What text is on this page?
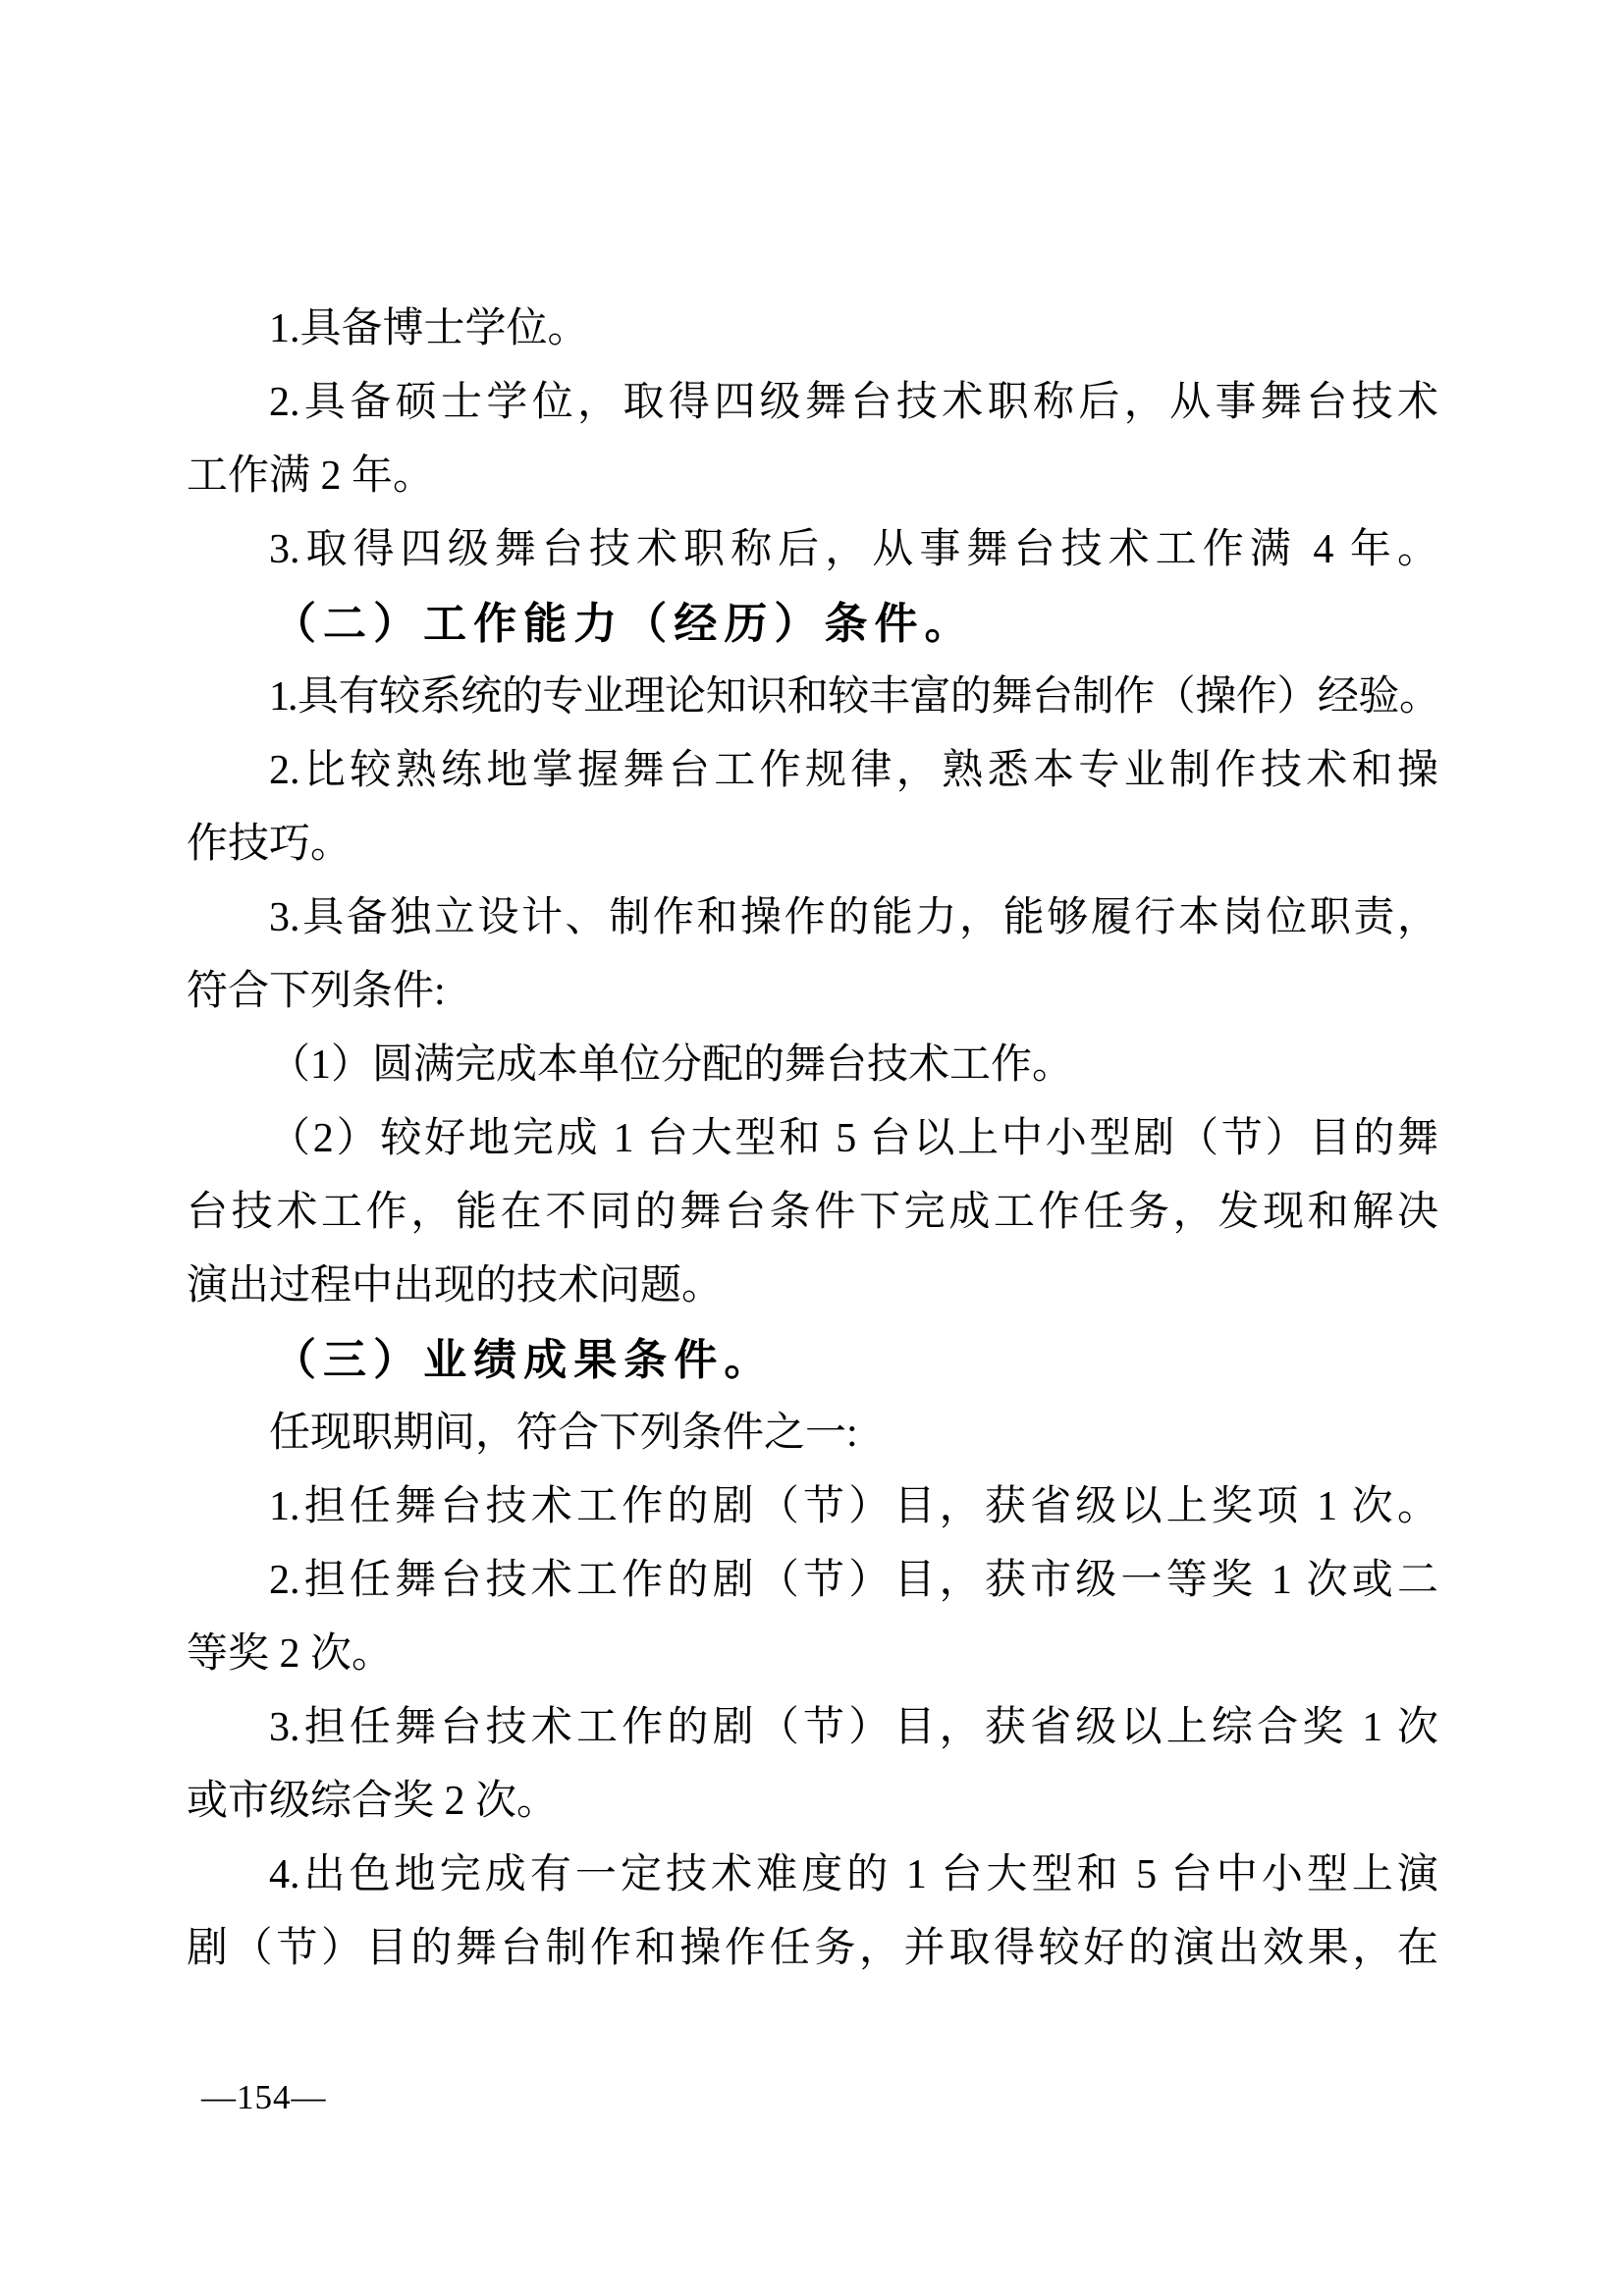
1.具备博士学位。
2.具备硕士学位，取得四级舞台技术职称后，从事舞台技术
工作满 2 年。
3.取得四级舞台技术职称后，从事舞台技术工作满 4 年。
（二）工作能力（经历）条件。
1.具有较系统的专业理论知识和较丰富的舞台制作（操作）经验。
2.比较熟练地掌握舞台工作规律，熟悉本专业制作技术和操
作技巧。
3.具备独立设计、制作和操作的能力，能够履行本岗位职责，
符合下列条件:
（1）圆满完成本单位分配的舞台技术工作。
（2）较好地完成 1 台大型和 5 台以上中小型剧（节）目的舞
台技术工作，能在不同的舞台条件下完成工作任务，发现和解决
演出过程中出现的技术问题。
（三）业绩成果条件。
任现职期间，符合下列条件之一:
1.担任舞台技术工作的剧（节）目，获省级以上奖项 1 次。
2.担任舞台技术工作的剧（节）目，获市级一等奖 1 次或二
等奖 2 次。
3.担任舞台技术工作的剧（节）目，获省级以上综合奖 1 次
或市级综合奖 2 次。
4.出色地完成有一定技术难度的 1 台大型和 5 台中小型上演
剧（节）目的舞台制作和操作任务，并取得较好的演出效果，在
—154—
